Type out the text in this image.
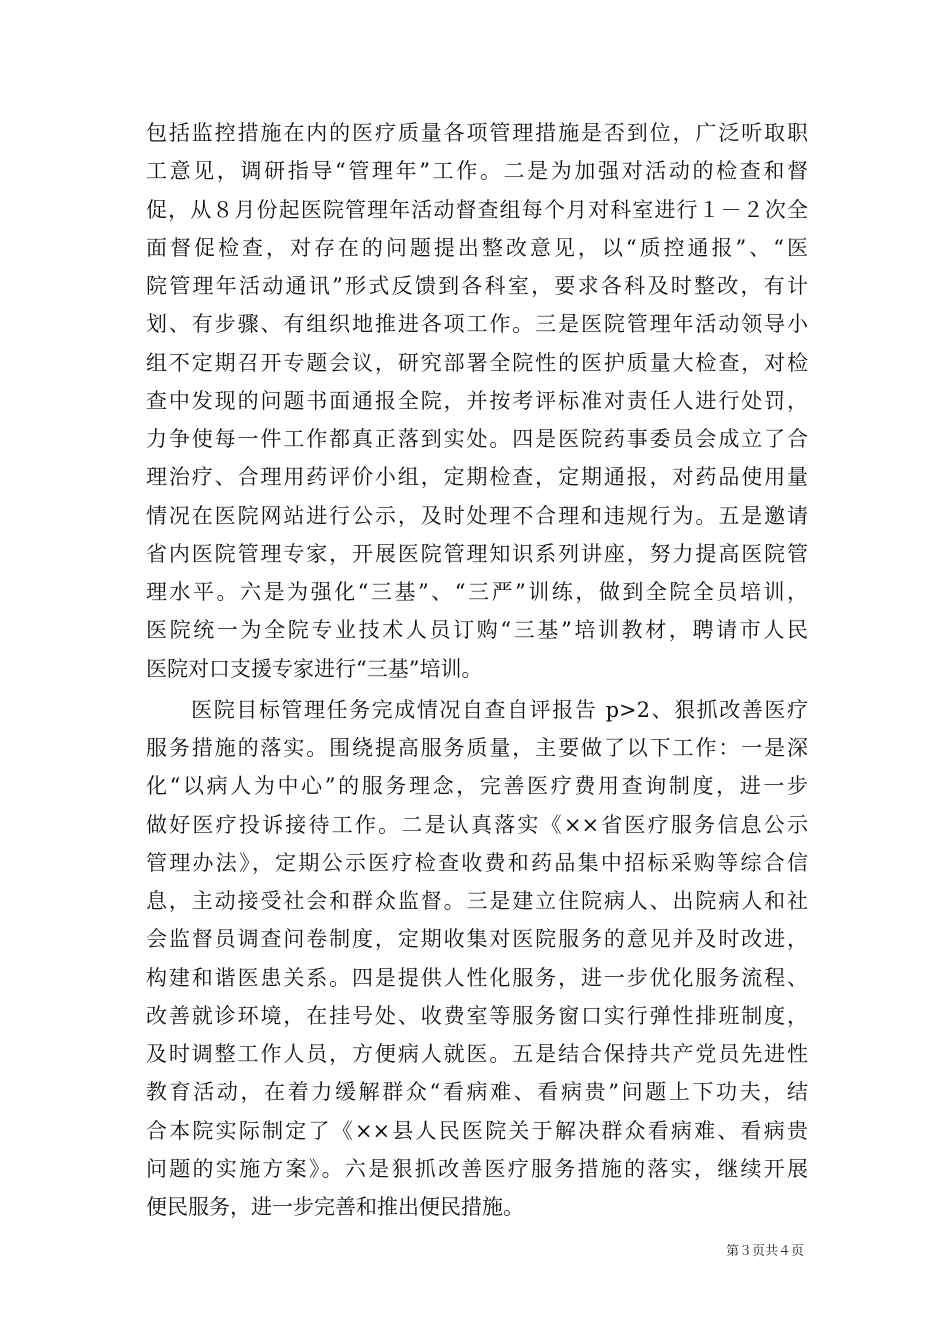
包括监控措施在内的医疗质量各项管理措施是否到位，广泛听取职
工意见，调研指导“管理年”工作。二是为加强对活动的检查和督
促，从８月份起医院管理年活动督查组每个月对科室进行１－２次全
面督促检查，对存在的问题提出整改意见，以“质控通报”、“医
院管理年活动通讯”形式反馈到各科室，要求各科及时整改，有计
划、有步骤、有组织地推进各项工作。三是医院管理年活动领导小
组不定期召开专题会议，研究部署全院性的医护质量大检查，对检
查中发现的问题书面通报全院，并按考评标准对责任人进行处罚，
力争使每一件工作都真正落到实处。四是医院药事委员会成立了合
理治疗、合理用药评价小组，定期检查，定期通报，对药品使用量
情况在医院网站进行公示，及时处理不合理和违规行为。五是邀请
省内医院管理专家，开展医院管理知识系列讲座，努力提高医院管
理水平。六是为强化“三基”、“三严”训练，做到全院全员培训，
医院统一为全院专业技术人员订购“三基”培训教材，聘请市人民
医院对口支援专家进行“三基”培训。
　　医院目标管理任务完成情况自查自评报告 p>2、狠抓改善医疗
服务措施的落实。围绕提高服务质量，主要做了以下工作：一是深
化“以病人为中心”的服务理念，完善医疗费用查询制度，进一步
做好医疗投诉接待工作。二是认真落实《××省医疗服务信息公示
管理办法》，定期公示医疗检查收费和药品集中招标采购等综合信
息，主动接受社会和群众监督。三是建立住院病人、出院病人和社
会监督员调查问卷制度，定期收集对医院服务的意见并及时改进，
构建和谐医患关系。四是提供人性化服务，进一步优化服务流程、
改善就诊环境，在挂号处、收费室等服务窗口实行弹性排班制度，
及时调整工作人员，方便病人就医。五是结合保持共产党员先进性
教育活动，在着力缓解群众“看病难、看病贵”问题上下功夫，结
合本院实际制定了《××县人民医院关于解决群众看病难、看病贵
问题的实施方案》。六是狠抓改善医疗服务措施的落实，继续开展
便民服务，进一步完善和推出便民措施。
第３页共４页
